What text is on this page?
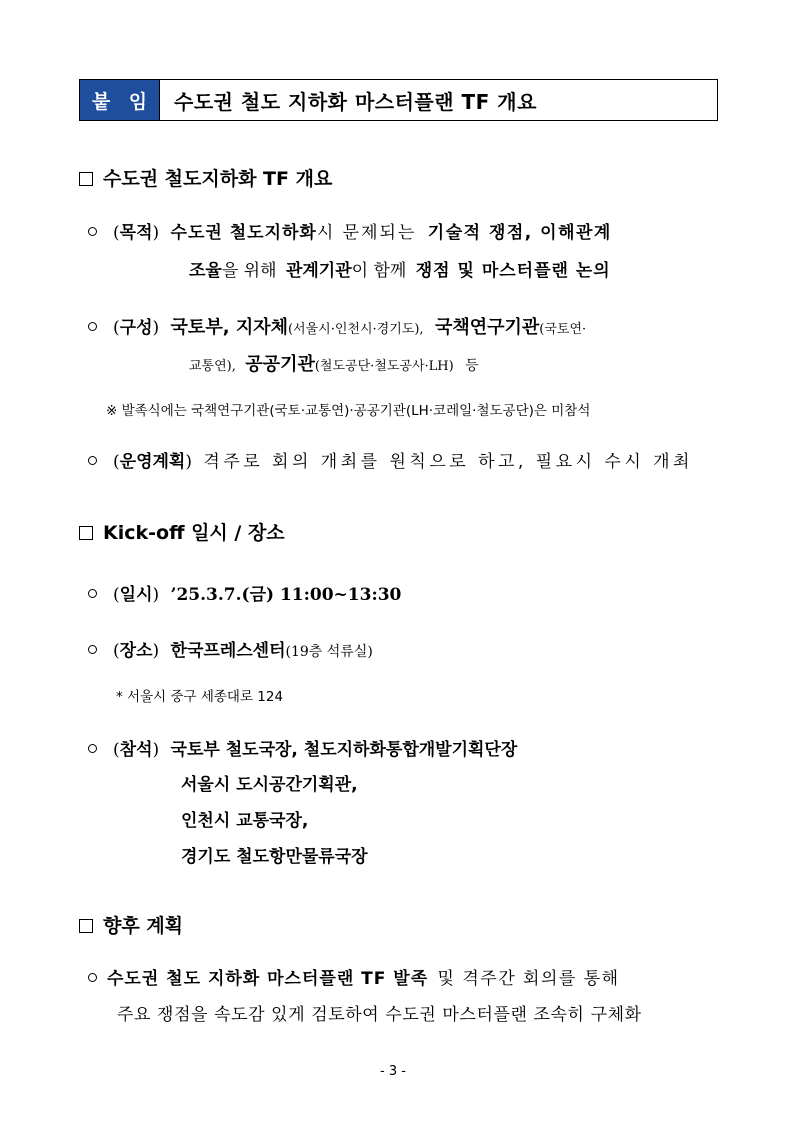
붙 임	수도권 철도 지하화 마스터플랜 TF 개요
수도권 철도지하화 TF 개요
(목적) 수도권 철도지하화시 문제되는 기술적 쟁점, 이해관계
조율을 위해 관계기관이 함께 쟁점 및 마스터플랜 논의
(구성) 국토부, 지자체(서울시·인천시·경기도), 국책연구기관(국토연·
교통연), 공공기관(철도공단·철도공사·LH) 등
※ 발족식에는 국책연구기관(국토·교통연)·공공기관(LH·코레일·철도공단)은 미참석
(운영계획) 격주로 회의 개최를 원칙으로 하고, 필요시 수시 개최
Kick-off 일시 / 장소
(일시) ’25.3.7.(금) 11:00~13:30
(장소) 한국프레스센터(19층 석류실)
* 서울시 중구 세종대로 124
(참석) 국토부 철도국장, 철도지하화통합개발기획단장
서울시 도시공간기획관,
인천시 교통국장,
경기도 철도항만물류국장
향후 계획
수도권 철도 지하화 마스터플랜 TF 발족 및 격주간 회의를 통해
주요 쟁점을 속도감 있게 검토하여 수도권 마스터플랜 조속히 구체화
- 3 -
